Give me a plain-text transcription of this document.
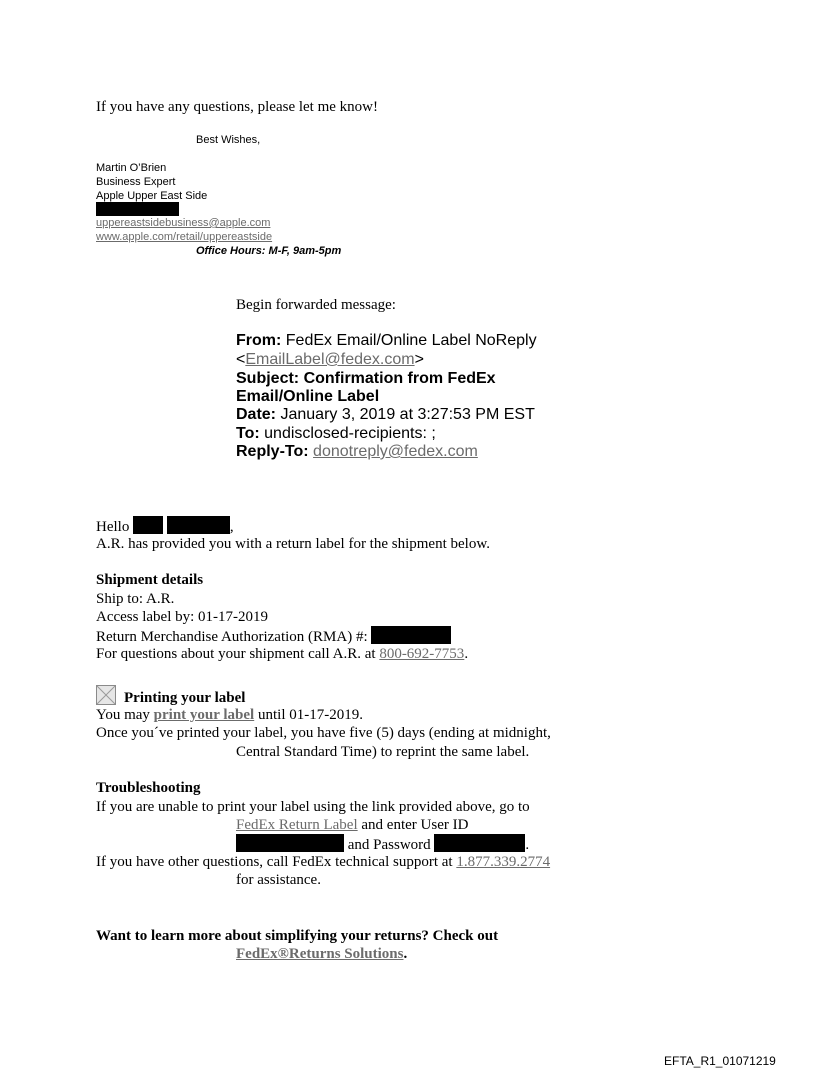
If you have any questions, please let me know!
Best Wishes,
Martin O’Brien
Business Expert
Apple Upper East Side
uppereastsidebusiness@apple.com
www.apple.com/retail/uppereastside
Office Hours: M-F, 9am-5pm
Begin forwarded message:
From: FedEx Email/Online Label NoReply
<EmailLabel@fedex.com>
Subject: Confirmation from FedEx
Email/Online Label
Date: January 3, 2019 at 3:27:53 PM EST
To: undisclosed-recipients: ;
Reply-To: donotreply@fedex.com
Hello	,
A.R. has provided you with a return label for the shipment below.
Shipment details
Ship to: A.R.
Access label by: 01-17-2019
Return Merchandise Authorization (RMA) #:
For questions about your shipment call A.R. at 800-692-7753.
Printing your label
You may print your label until 01-17-2019.
Once you´ve printed your label, you have five (5) days (ending at midnight,
Central Standard Time) to reprint the same label.
Troubleshooting
If you are unable to print your label using the link provided above, go to
FedEx Return Label and enter User ID
and Password	.
If you have other questions, call FedEx technical support at 1.877.339.2774
for assistance.
Want to learn more about simplifying your returns? Check out
FedEx®Returns Solutions.
EFTA_R1_01071219
